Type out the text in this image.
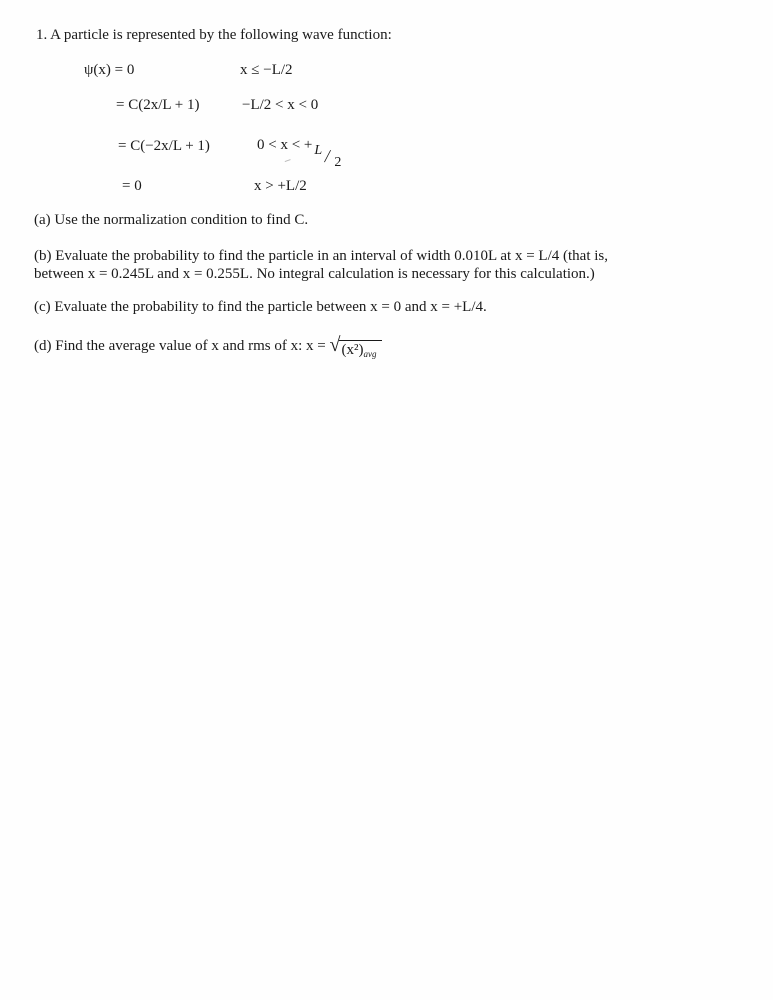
1. A particle is represented by the following wave function:
ψ(x) = 0	x ≤ −L/2
= C(2x/L + 1)	−L/2 < x < 0
= C(−2x/L + 1)	0 < x < + L / 2
= 0	x > +L/2
(a) Use the normalization condition to find C.
(b) Evaluate the probability to find the particle in an interval of width 0.010L at x = L/4 (that is,
between x = 0.245L and x = 0.255L. No integral calculation is necessary for this calculation.)
(c) Evaluate the probability to find the particle between x = 0 and x = +L/4.
(d) Find the average value of x and rms of x: x = √ $(x^2)_{avg}$
